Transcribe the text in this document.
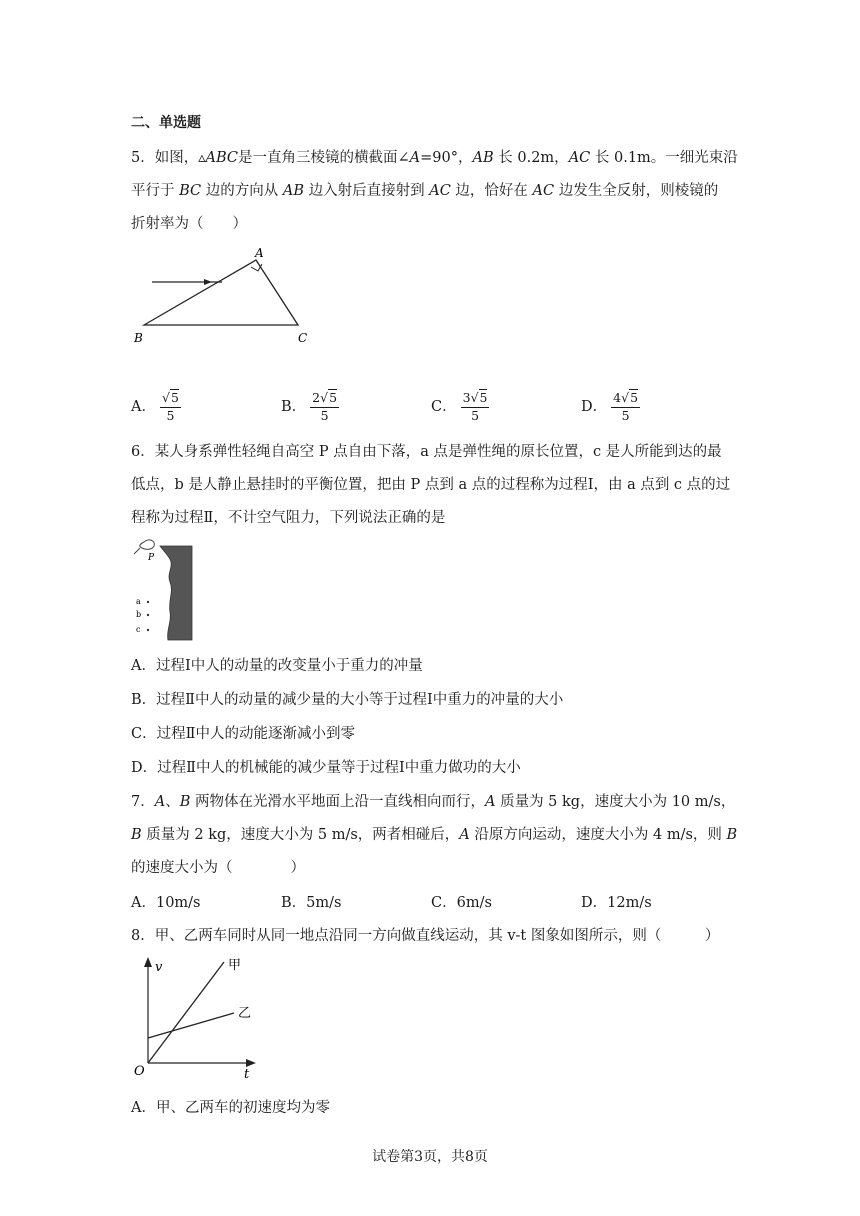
二、单选题
5．如图，▵ABC是一直角三棱镜的横截面∠A=90°，AB 长 0.2m，AC 长 0.1m。一细光束沿
平行于 BC 边的方向从 AB 边入射后直接射到 AC 边，恰好在 AC 边发生全反射，则棱镜的
折射率为（　　）
A
B	C
A． $\frac{√5}{5}$	B． $\frac{2√5}{5}$	C． $\frac{3√5}{5}$	D． $\frac{4√5}{5}$
6．某人身系弹性轻绳自高空 P 点自由下落，a 点是弹性绳的原长位置，c 是人所能到达的最
低点，b 是人静止悬挂时的平衡位置，把由 P 点到 a 点的过程称为过程Ⅰ，由 a 点到 c 点的过
程称为过程Ⅱ，不计空气阻力，下列说法正确的是
P
a
b
c
A．过程Ⅰ中人的动量的改变量小于重力的冲量
B．过程Ⅱ中人的动量的减少量的大小等于过程Ⅰ中重力的冲量的大小
C．过程Ⅱ中人的动能逐渐减小到零
D．过程Ⅱ中人的机械能的减少量等于过程Ⅰ中重力做功的大小
7．A、B 两物体在光滑水平地面上沿一直线相向而行，A 质量为 5 kg，速度大小为 10 m/s，
B 质量为 2 kg，速度大小为 5 m/s，两者相碰后，A 沿原方向运动，速度大小为 4 m/s，则 B
的速度大小为（　　　　）
A．10m/s	B．5m/s	C．6m/s	D．12m/s
8．甲、乙两车同时从同一地点沿同一方向做直线运动，其 v-t 图象如图所示，则（　　　）
v
t
O
甲
乙
A．甲、乙两车的初速度均为零
试卷第3页，共8页
